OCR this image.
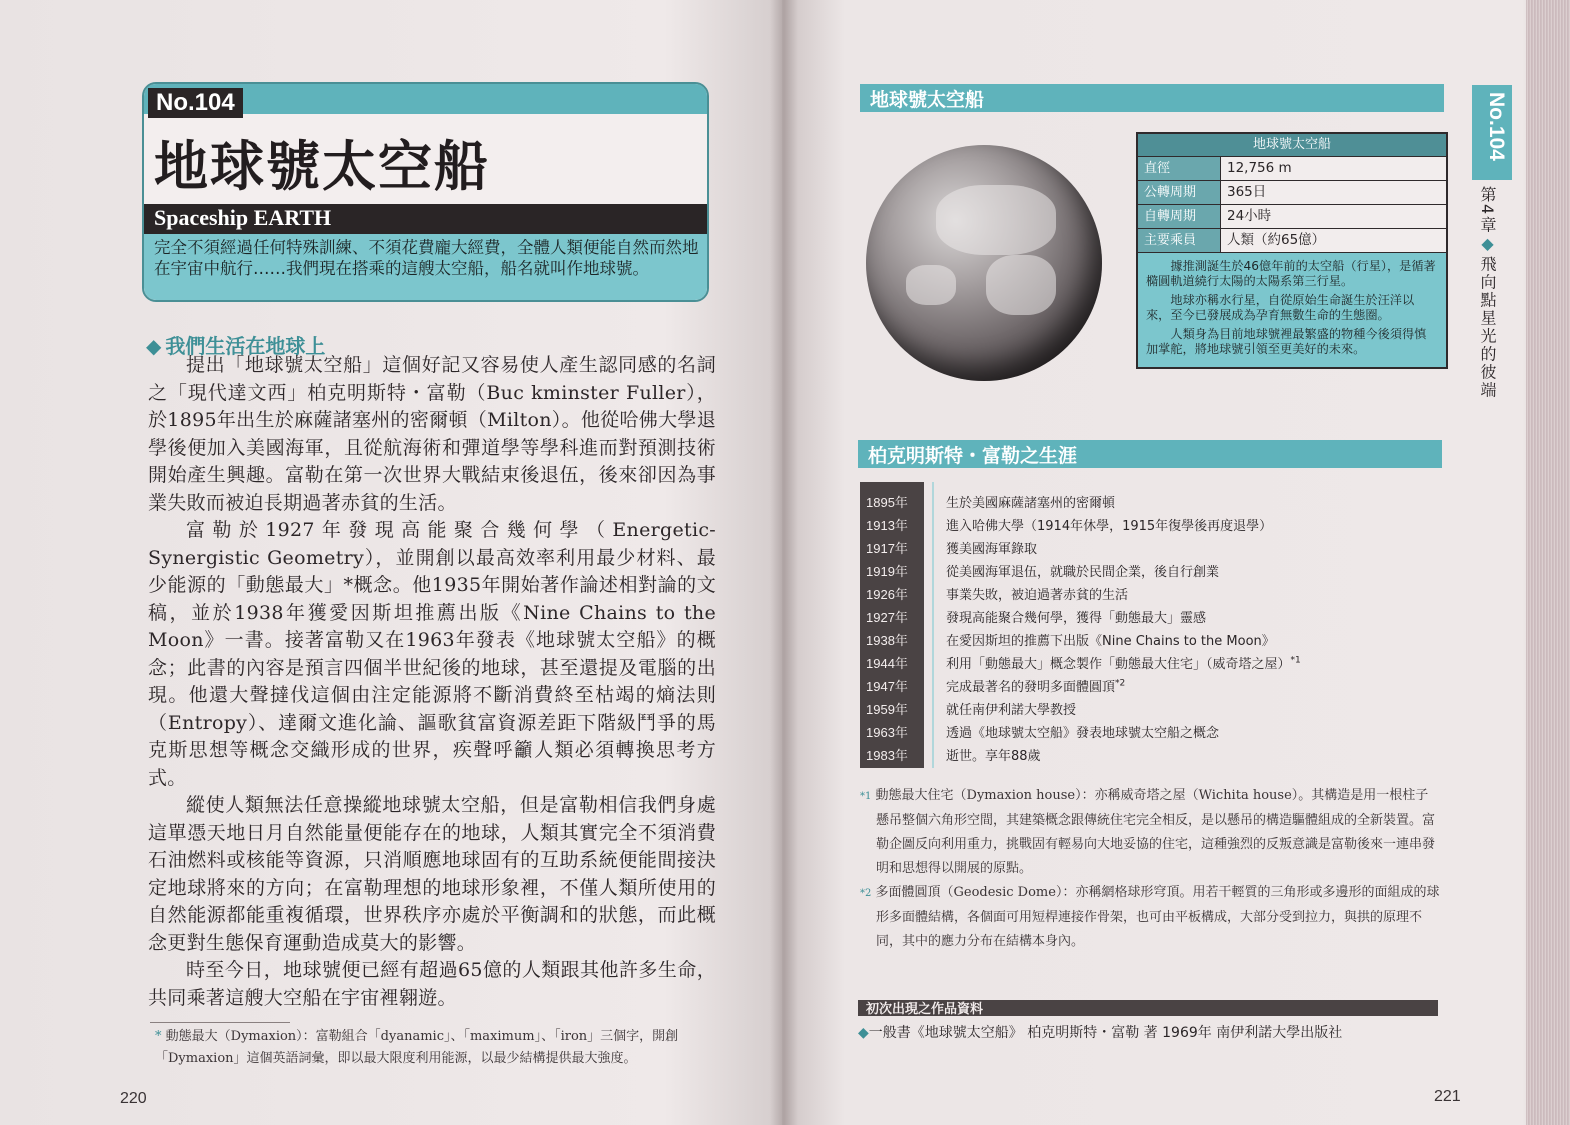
No.104
地球號太空船
Spaceship EARTH
完全不須經過任何特殊訓練、不須花費龐大經費，全體人類便能自然而然地在宇宙中航行……我們現在搭乘的這艘太空船，船名就叫作地球號。
◆ 我們生活在地球上

提出「地球號太空船」這個好記又容易使人產生認同感的名詞之「現代達文西」柏克明斯特・富勒（Buc kminster Fuller），於1895年出生於麻薩諸塞州的密爾頓（Milton）。他從哈佛大學退學後便加入美國海軍，且從航海術和彈道學等學科進而對預測技術開始產生興趣。富勒在第一次世界大戰結束後退伍，後來卻因為事業失敗而被迫長期過著赤貧的生活。

富勒於1927年發現高能聚合幾何學（Energetic-Synergistic Geometry），並開創以最高效率利用最少材料、最少能源的「動態最大」*概念。他1935年開始著作論述相對論的文稿，並於1938年獲愛因斯坦推薦出版《Nine Chains to the Moon》一書。接著富勒又在1963年發表《地球號太空船》的概念；此書的內容是預言四個半世紀後的地球，甚至還提及電腦的出現。他還大聲撻伐這個由注定能源將不斷消費終至枯竭的熵法則（Entropy）、達爾文進化論、謳歌貧富資源差距下階級鬥爭的馬克斯思想等概念交織形成的世界，疾聲呼籲人類必須轉換思考方式。

縱使人類無法任意操縱地球號太空船，但是富勒相信我們身處這單憑天地日月自然能量便能存在的地球，人類其實完全不須消費石油燃料或核能等資源，只消順應地球固有的互助系統便能間接決定地球將來的方向；在富勒理想的地球形象裡，不僅人類所使用的自然能源都能重複循環，世界秩序亦處於平衡調和的狀態，而此概念更對生態保育運動造成莫大的影響。

時至今日，地球號便已經有超過65億的人類跟其他許多生命，共同乘著這艘大空船在宇宙裡翱遊。

* 動態最大（Dymaxion）：富勒組合「dyanamic」、「maximum」、「iron」三個字，開創「Dymaxion」這個英語詞彙，即以最大限度利用能源，以最少結構提供最大強度。
220
地球號太空船
地球號太空船
直徑	12,756 m
公轉周期	365日
自轉周期	24小時
主要乘員	人類（約65億）

據推測誕生於46億年前的太空船（行星），是循著橢圓軌道繞行太陽的太陽系第三行星。

地球亦稱水行星，自從原始生命誕生於汪洋以來，至今已發展成為孕育無數生命的生態圈。

人類身為目前地球號裡最繁盛的物種今後須得慎加掌舵，將地球號引領至更美好的未來。

柏克明斯特・富勒之生涯
1895年	生於美國麻薩諸塞州的密爾頓
1913年	進入哈佛大學（1914年休學，1915年復學後再度退學）
1917年	獲美國海軍錄取
1919年	從美國海軍退伍，就職於民間企業，後自行創業
1926年	事業失敗，被迫過著赤貧的生活
1927年	發現高能聚合幾何學，獲得「動態最大」靈感
1938年	在愛因斯坦的推薦下出版《Nine Chains to the Moon》
1944年	利用「動態最大」概念製作「動態最大住宅」（威奇塔之屋）$^{*1}$
1947年	完成最著名的發明多面體圓頂$^{*2}$
1959年	就任南伊利諾大學教授
1963年	透過《地球號太空船》發表地球號太空船之概念
1983年	逝世。享年88歲

*1 動態最大住宅（Dymaxion house）：亦稱威奇塔之屋（Wichita house）。其構造是用一根柱子懸吊整個六角形空間，其建築概念跟傳統住宅完全相反，是以懸吊的構造驅體組成的全新裝置。富勒企圖反向利用重力，挑戰固有輕易向大地妥協的住宅，這種強烈的反叛意識是富勒後來一連串發明和思想得以開展的原點。

*2 多面體圓頂（Geodesic Dome）：亦稱網格球形穹頂。用若干輕質的三角形或多邊形的面組成的球形多面體結構，各個面可用短桿連接作骨架，也可由平板構成，大部分受到拉力，與拱的原理不同，其中的應力分布在結構本身內。

初次出現之作品資料
◆一般書《地球號太空船》 柏克明斯特・富勒 著 1969年 南伊利諾大學出版社
221
No.104
第4章◆飛向點星光的彼端
